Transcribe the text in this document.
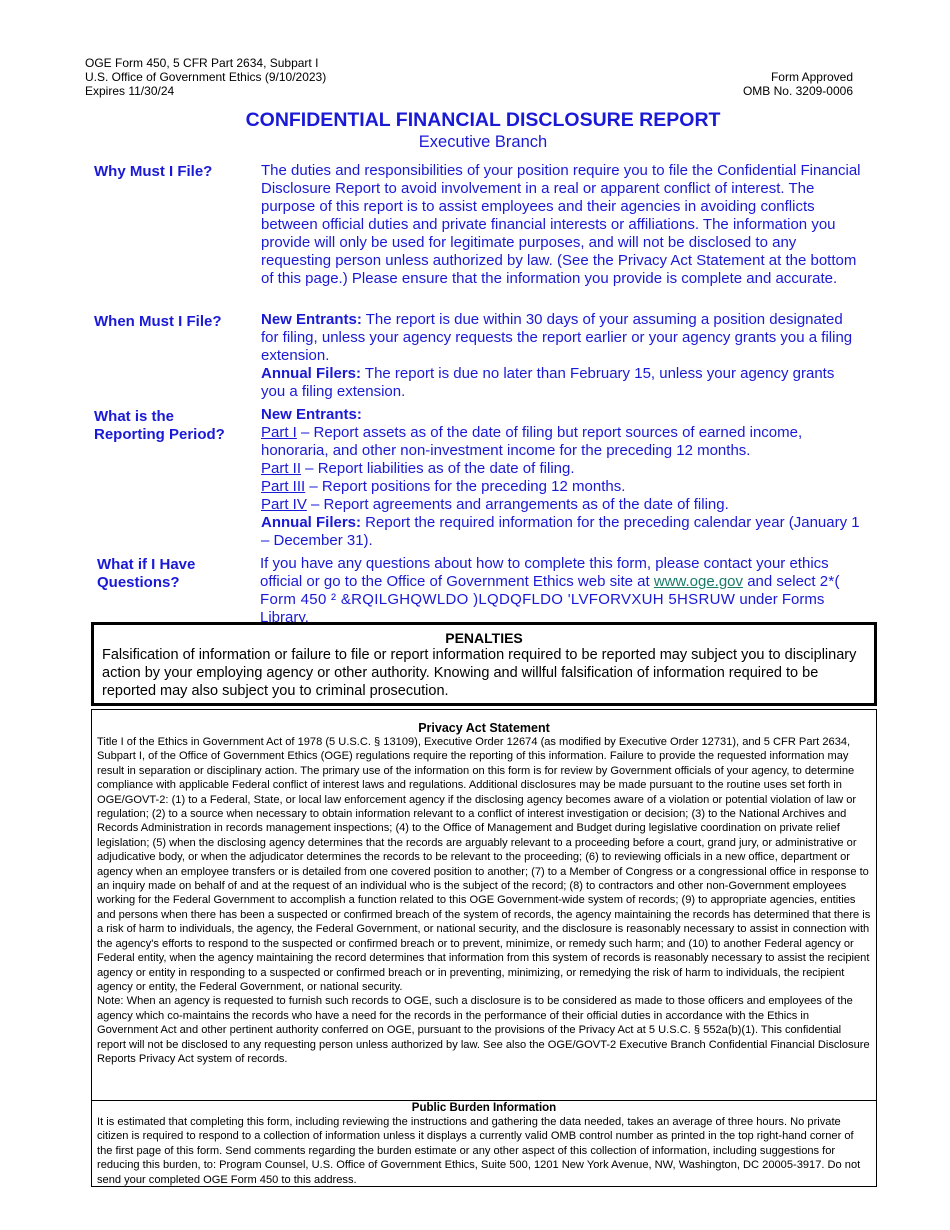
OGE Form 450, 5 CFR Part 2634, Subpart I
U.S. Office of Government Ethics (9/10/2023)
Expires 11/30/24
Form Approved
OMB No. 3209-0006
CONFIDENTIAL FINANCIAL DISCLOSURE REPORT
Executive Branch
Why Must I File?	The duties and responsibilities of your position require you to file the Confidential Financial Disclosure Report to avoid involvement in a real or apparent conflict of interest. The purpose of this report is to assist employees and their agencies in avoiding conflicts between official duties and private financial interests or affiliations. The information you provide will only be used for legitimate purposes, and will not be disclosed to any requesting person unless authorized by law. (See the Privacy Act Statement at the bottom of this page.) Please ensure that the information you provide is complete and accurate.
When Must I File?	New Entrants: The report is due within 30 days of your assuming a position designated for filing, unless your agency requests the report earlier or your agency grants you a filing extension.

Annual Filers: The report is due no later than February 15, unless your agency grants you a filing extension.

What is the
Reporting Period?

New Entrants:

Part I – Report assets as of the date of filing but report sources of earned income, honoraria, and other non-investment income for the preceding 12 months.

Part II – Report liabilities as of the date of filing.

Part III – Report positions for the preceding 12 months.

Part IV – Report agreements and arrangements as of the date of filing.

Annual Filers: Report the required information for the preceding calendar year (January 1 – December 31).

What if I Have
Questions?
If you have any questions about how to complete this form, please contact your ethics official or go to the Office of Government Ethics web site at www.oge.gov and select 2*( Form 450 ² &RQILGHQWLDO )LQDQFLDO 'LVFORVXUH 5HSRUW under Forms Library.
PENALTIES
Falsification of information or failure to file or report information required to be reported may subject you to disciplinary action by your employing agency or other authority. Knowing and willful falsification of information required to be reported may also subject you to criminal prosecution.
Privacy Act Statement
Title I of the Ethics in Government Act of 1978 (5 U.S.C. § 13109), Executive Order 12674 (as modified by Executive Order 12731), and 5 CFR Part 2634, Subpart I, of the Office of Government Ethics (OGE) regulations require the reporting of this information. Failure to provide the requested information may result in separation or disciplinary action. The primary use of the information on this form is for review by Government officials of your agency, to determine compliance with applicable Federal conflict of interest laws and regulations. Additional disclosures may be made pursuant to the routine uses set forth in OGE/GOVT-2: (1) to a Federal, State, or local law enforcement agency if the disclosing agency becomes aware of a violation or potential violation of law or regulation; (2) to a source when necessary to obtain information relevant to a conflict of interest investigation or decision; (3) to the National Archives and Records Administration in records management inspections; (4) to the Office of Management and Budget during legislative coordination on private relief legislation; (5) when the disclosing agency determines that the records are arguably relevant to a proceeding before a court, grand jury, or administrative or adjudicative body, or when the adjudicator determines the records to be relevant to the proceeding; (6) to reviewing officials in a new office, department or agency when an employee transfers or is detailed from one covered position to another; (7) to a Member of Congress or a congressional office in response to an inquiry made on behalf of and at the request of an individual who is the subject of the record; (8) to contractors and other non-Government employees working for the Federal Government to accomplish a function related to this OGE Government-wide system of records; (9) to appropriate agencies, entities and persons when there has been a suspected or confirmed breach of the system of records, the agency maintaining the records has determined that there is a risk of harm to individuals, the agency, the Federal Government, or national security, and the disclosure is reasonably necessary to assist in connection with the agency's efforts to respond to the suspected or confirmed breach or to prevent, minimize, or remedy such harm; and (10) to another Federal agency or Federal entity, when the agency maintaining the record determines that information from this system of records is reasonably necessary to assist the recipient agency or entity in responding to a suspected or confirmed breach or in preventing, minimizing, or remedying the risk of harm to individuals, the recipient agency or entity, the Federal Government, or national security.
Note: When an agency is requested to furnish such records to OGE, such a disclosure is to be considered as made to those officers and employees of the agency which co-maintains the records who have a need for the records in the performance of their official duties in accordance with the Ethics in Government Act and other pertinent authority conferred on OGE, pursuant to the provisions of the Privacy Act at 5 U.S.C. § 552a(b)(1). This confidential report will not be disclosed to any requesting person unless authorized by law. See also the OGE/GOVT-2 Executive Branch Confidential Financial Disclosure Reports Privacy Act system of records.
Public Burden Information
It is estimated that completing this form, including reviewing the instructions and gathering the data needed, takes an average of three hours. No private citizen is required to respond to a collection of information unless it displays a currently valid OMB control number as printed in the top right-hand corner of the first page of this form. Send comments regarding the burden estimate or any other aspect of this collection of information, including suggestions for reducing this burden, to: Program Counsel, U.S. Office of Government Ethics, Suite 500, 1201 New York Avenue, NW, Washington, DC 20005-3917. Do not send your completed OGE Form 450 to this address.
